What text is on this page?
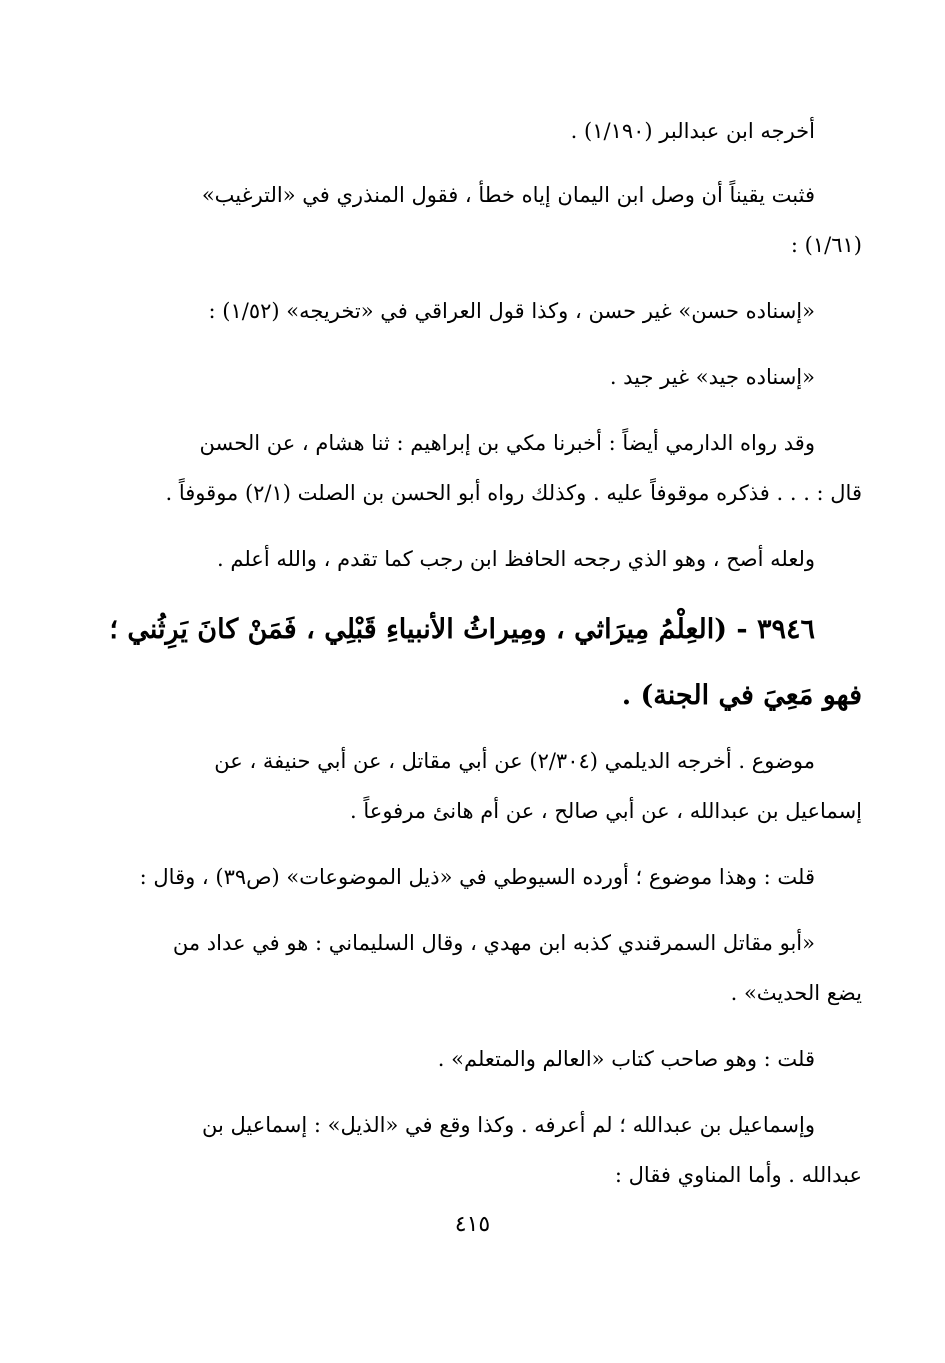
أخرجه ابن عبدالبر (١/١٩٠) .
فثبت يقيناً أن وصل ابن اليمان إياه خطأ ، فقول المنذري في «الترغيب»
(١/٦١) :
«إسناده حسن» غير حسن ، وكذا قول العراقي في «تخريجه» (١/٥٢) :
«إسناده جيد» غير جيد .
وقد رواه الدارمي أيضاً : أخبرنا مكي بن إبراهيم : ثنا هشام ، عن الحسن
قال : . . . فذكره موقوفاً عليه . وكذلك رواه أبو الحسن بن الصلت (٢/١) موقوفاً .
ولعله أصح ، وهو الذي رجحه الحافظ ابن رجب كما تقدم ، والله أعلم .
٣٩٤٦ - (العِلْمُ مِيرَاثي ، ومِيراثُ الأنبياءِ قَبْلِي ، فَمَنْ كانَ يَرِثُني ؛
فهو مَعِيَ في الجنة) .
موضوع . أخرجه الديلمي (٢/٣٠٤) عن أبي مقاتل ، عن أبي حنيفة ، عن
إسماعيل بن عبدالله ، عن أبي صالح ، عن أم هانئ مرفوعاً .
قلت : وهذا موضوع ؛ أورده السيوطي في «ذيل الموضوعات» (ص٣٩) ، وقال :
«أبو مقاتل السمرقندي كذبه ابن مهدي ، وقال السليماني : هو في عداد من
يضع الحديث» .
قلت : وهو صاحب كتاب «العالم والمتعلم» .
وإسماعيل بن عبدالله ؛ لم أعرفه . وكذا وقع في «الذيل» : إسماعيل بن
عبدالله . وأما المناوي فقال :
٤١٥
